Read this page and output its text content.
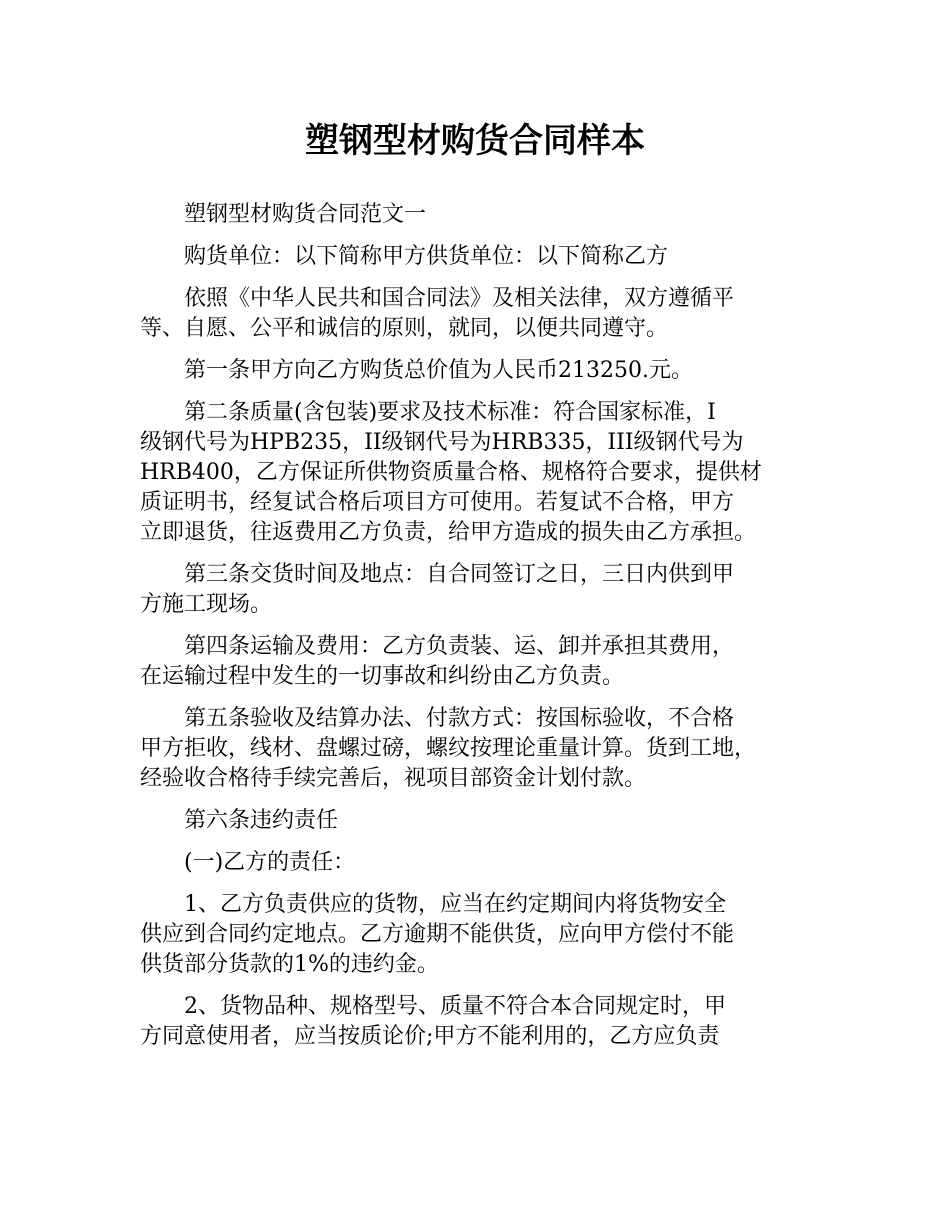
塑钢型材购货合同样本
塑钢型材购货合同范文一
购货单位：以下简称甲方供货单位：以下简称乙方
依照《中华人民共和国合同法》及相关法律，双方遵循平
等、自愿、公平和诚信的原则，就同，以便共同遵守。
第一条甲方向乙方购货总价值为人民币213250.元。
第二条质量(含包装)要求及技术标准：符合国家标准，I
级钢代号为HPB235，II级钢代号为HRB335，III级钢代号为
HRB400，乙方保证所供物资质量合格、规格符合要求，提供材
质证明书，经复试合格后项目方可使用。若复试不合格，甲方
立即退货，往返费用乙方负责，给甲方造成的损失由乙方承担。
第三条交货时间及地点：自合同签订之日，三日内供到甲
方施工现场。
第四条运输及费用：乙方负责装、运、卸并承担其费用，
在运输过程中发生的一切事故和纠纷由乙方负责。
第五条验收及结算办法、付款方式：按国标验收，不合格
甲方拒收，线材、盘螺过磅，螺纹按理论重量计算。货到工地，
经验收合格待手续完善后，视项目部资金计划付款。
第六条违约责任
(一)乙方的责任：
1、乙方负责供应的货物，应当在约定期间内将货物安全
供应到合同约定地点。乙方逾期不能供货，应向甲方偿付不能
供货部分货款的1%的违约金。
2、货物品种、规格型号、质量不符合本合同规定时，甲
方同意使用者，应当按质论价;甲方不能利用的，乙方应负责
